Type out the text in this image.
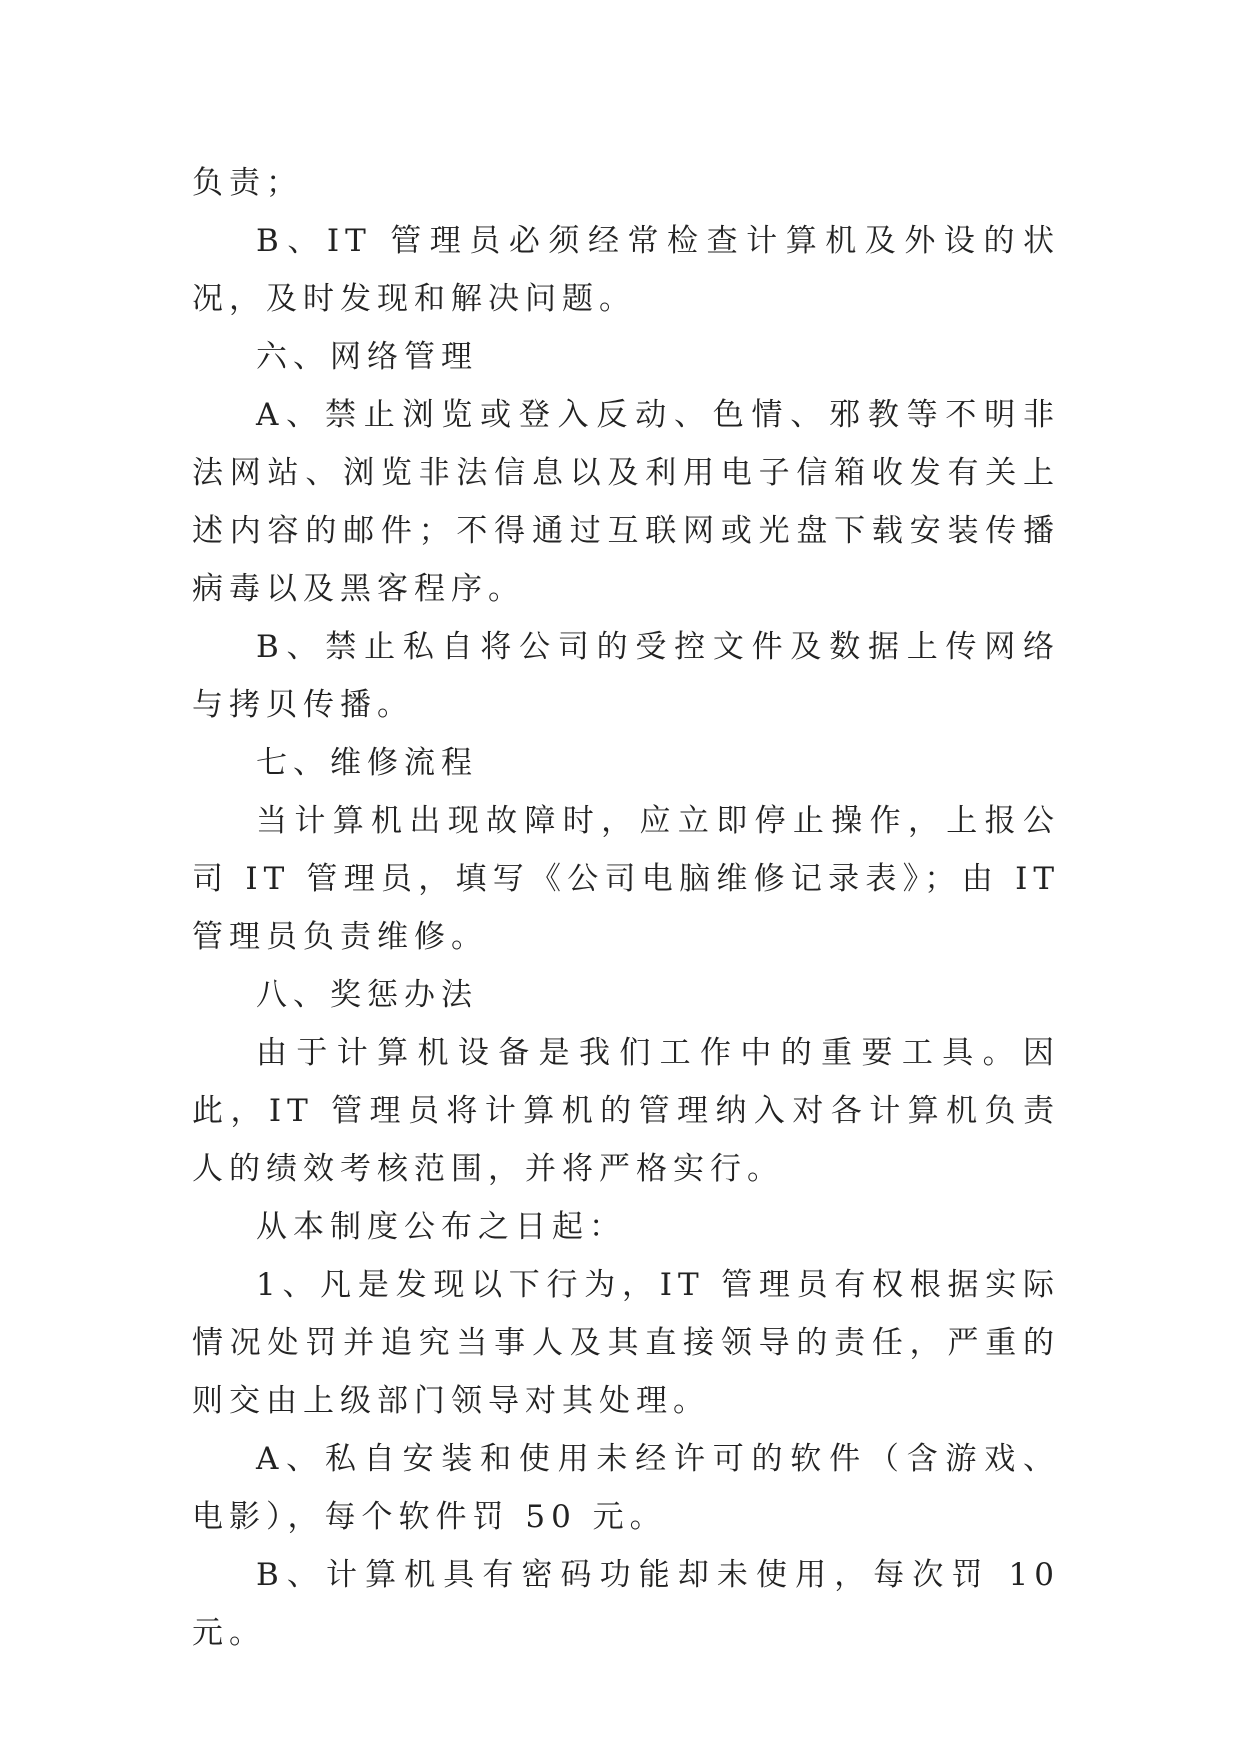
负责；

B、IT 管理员必须经常检查计算机及外设的状况，及时发现和解决问题。

六、网络管理

A、禁止浏览或登入反动、色情、邪教等不明非法网站、浏览非法信息以及利用电子信箱收发有关上述内容的邮件；不得通过互联网或光盘下载安装传播病毒以及黑客程序。

B、禁止私自将公司的受控文件及数据上传网络与拷贝传播。

七、维修流程

当计算机出现故障时，应立即停止操作，上报公司 IT 管理员，填写《公司电脑维修记录表》；由 IT 管理员负责维修。

八、奖惩办法

由于计算机设备是我们工作中的重要工具。因此，IT 管理员将计算机的管理纳入对各计算机负责人的绩效考核范围，并将严格实行。

从本制度公布之日起：

1、凡是发现以下行为，IT 管理员有权根据实际情况处罚并追究当事人及其直接领导的责任，严重的则交由上级部门领导对其处理。

A、私自安装和使用未经许可的软件（含游戏、电影），每个软件罚 50 元。

B、计算机具有密码功能却未使用，每次罚 10 元。
